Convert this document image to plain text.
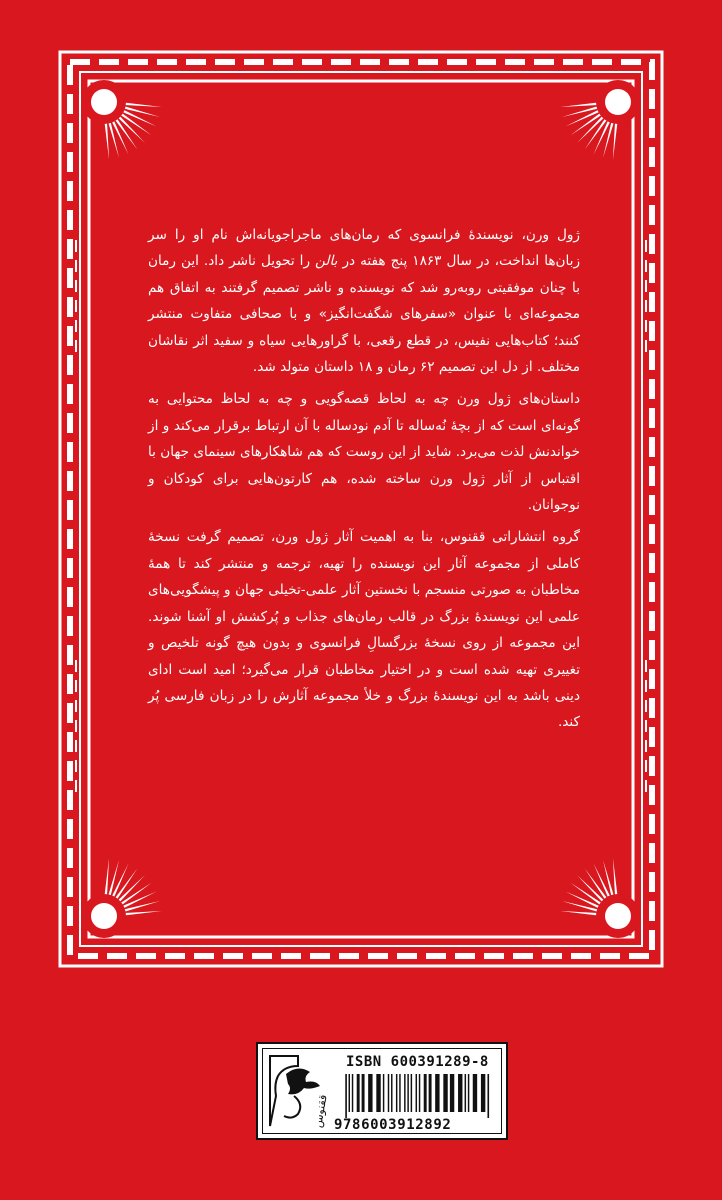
ژول ورن، نویسندهٔ فرانسوی که رمان‌های ماجراجویانه‌اش نام او را سر زبان‌ها انداخت، در سال ۱۸۶۳ پنج هفته در بالن را تحویل ناشر داد. این رمان با چنان موفقیتی روبه‌رو شد که نویسنده و ناشر تصمیم گرفتند به اتفاق هم مجموعه‌ای با عنوان «سفرهای شگفت‌انگیز» و با صحافی متفاوت منتشر کنند؛ کتاب‌هایی نفیس، در قطع رقعی، با گراورهایی سیاه و سفید اثر نقاشان مختلف. از دل این تصمیم ۶۲ رمان و ۱۸ داستان متولد شد.

داستان‌های ژول ورن چه به لحاظ قصه‌گویی و چه به لحاظ محتوایی به گونه‌ای است که از بچهٔ نُه‌ساله تا آدم نودساله با آن ارتباط برقرار می‌کند و از خواندنش لذت می‌برد. شاید از این روست که هم شاهکارهای سینمای جهان با اقتباس از آثار ژول ورن ساخته شده، هم کارتون‌هایی برای کودکان و نوجوانان.

گروه انتشاراتی ققنوس، بنا به اهمیت آثار ژول ورن، تصمیم گرفت نسخهٔ کاملی از مجموعه آثار این نویسنده را تهیه، ترجمه و منتشر کند تا همهٔ مخاطبان به صورتی منسجم با نخستین آثار علمی-تخیلی جهان و پیشگویی‌های علمی این نویسندهٔ بزرگ در قالب رمان‌های جذاب و پُرکشش او آشنا شوند. این مجموعه از روی نسخهٔ بزرگسالِ فرانسوی و بدون هیچ گونه تلخیص و تغییری تهیه شده است و در اختیار مخاطبان قرار می‌گیرد؛ امید است ادای دینی باشد به این نویسندهٔ بزرگ و خلأ مجموعه آثارش را در زبان فارسی پُر کند.

ققنوس
ISBN 600391289-8
9786003912892
